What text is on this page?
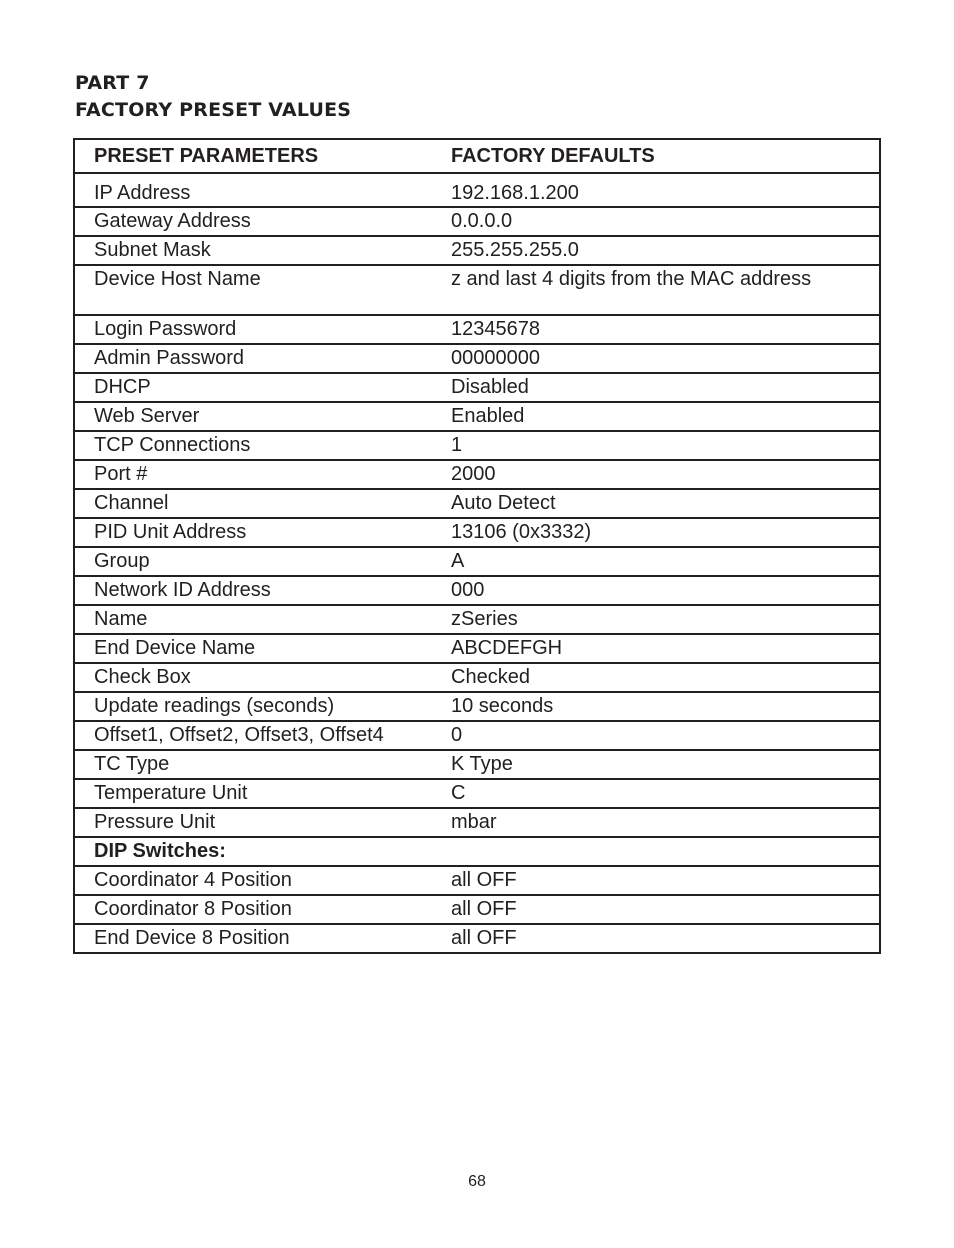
PART 7
FACTORY PRESET VALUES
PRESET PARAMETERS	FACTORY DEFAULTS
IP Address	192.168.1.200
Gateway Address	0.0.0.0
Subnet Mask	255.255.255.0
Device Host Name	z and last 4 digits from the MAC address
Login Password	12345678
Admin Password	00000000
DHCP	Disabled
Web Server	Enabled
TCP Connections	1
Port #	2000
Channel	Auto Detect
PID Unit Address	13106 (0x3332)
Group	A
Network ID Address	000
Name	zSeries
End Device Name	ABCDEFGH
Check Box	Checked
Update readings (seconds)	10 seconds
Offset1, Offset2, Offset3, Offset4	0
TC Type	K Type
Temperature Unit	C
Pressure Unit	mbar
DIP Switches:	
Coordinator 4 Position	all OFF
Coordinator 8 Position	all OFF
End Device 8 Position	all OFF
68
